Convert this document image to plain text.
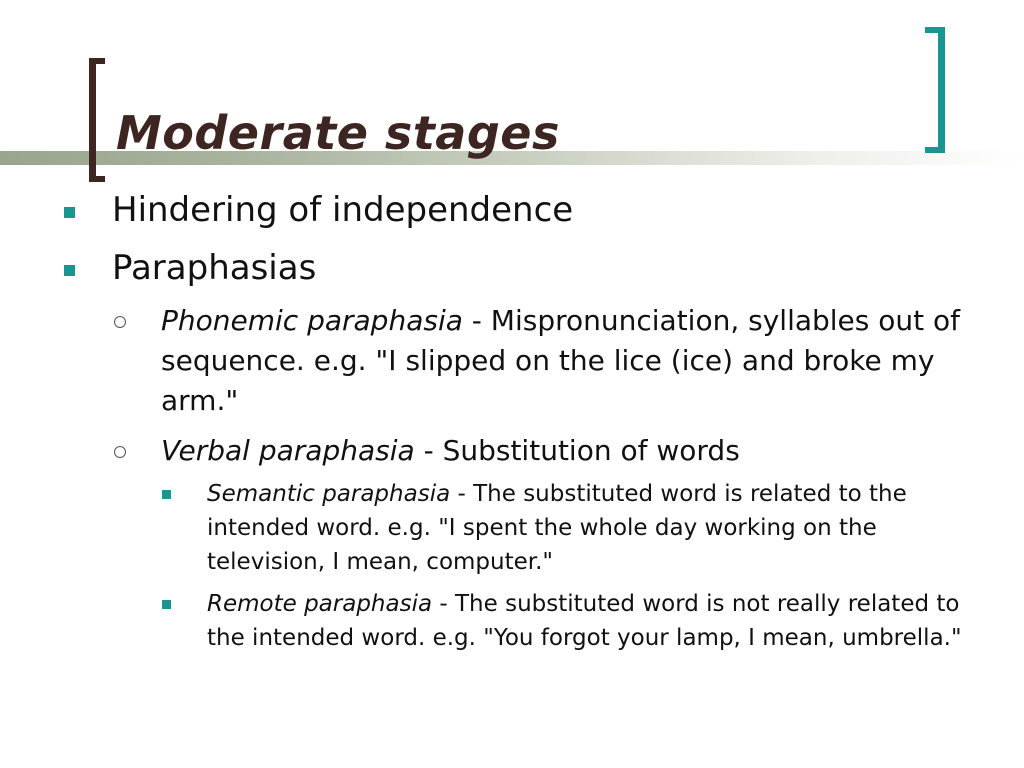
Moderate stages
Hindering of independence
Paraphasias
Phonemic paraphasia - Mispronunciation, syllables out of sequence. e.g. "I slipped on the lice (ice) and broke my arm."
Verbal paraphasia - Substitution of words
Semantic paraphasia - The substituted word is related to the intended word. e.g. "I spent the whole day working on the television, I mean, computer."
Remote paraphasia - The substituted word is not really related to the intended word. e.g. "You forgot your lamp, I mean, umbrella."
